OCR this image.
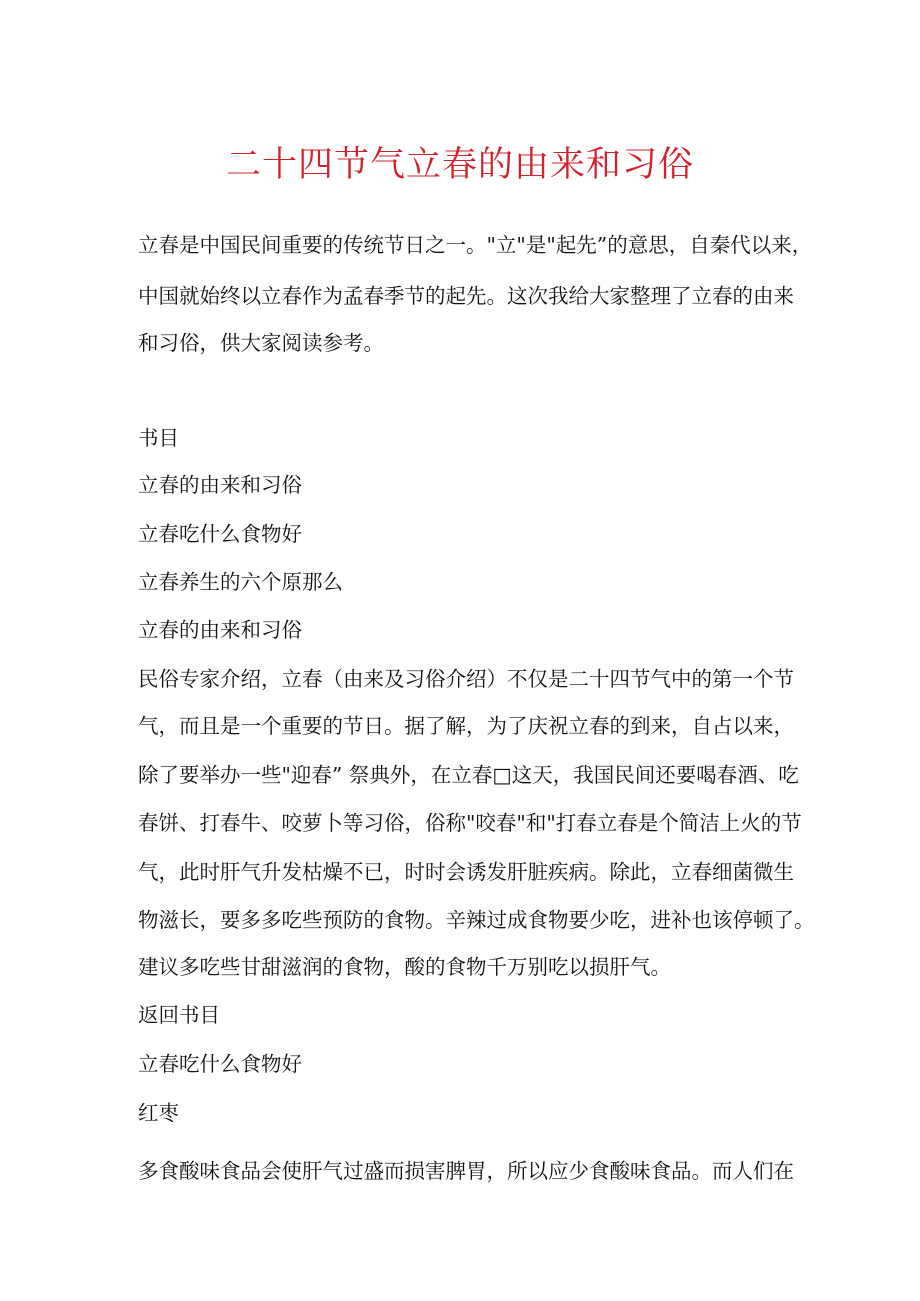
二十四节气立春的由来和习俗
立春是中国民间重要的传统节日之一。"立"是"起先”的意思，自秦代以来，
中国就始终以立春作为孟春季节的起先。这次我给大家整理了立春的由来
和习俗，供大家阅读参考。
书目
立春的由来和习俗
立春吃什么食物好
立春养生的六个原那么
立春的由来和习俗
民俗专家介绍，立春（由来及习俗介绍）不仅是二十四节气中的第一个节
气，而且是一个重要的节日。据了解，为了庆祝立春的到来，自占以来，
除了要举办一些"迎春” 祭典外，在立春□这天，我国民间还要喝春酒、吃
春饼、打春牛、咬萝卜等习俗，俗称"咬春"和"打春立春是个简洁上火的节
气，此时肝气升发枯燥不已，时时会诱发肝脏疾病。除此，立春细菌微生
物滋长，要多多吃些预防的食物。辛辣过成食物要少吃，进补也该停顿了。
建议多吃些甘甜滋润的食物，酸的食物千万别吃以损肝气。
返回书目
立春吃什么食物好
红枣
多食酸味食品会使肝气过盛而损害脾胃，所以应少食酸味食品。而人们在
